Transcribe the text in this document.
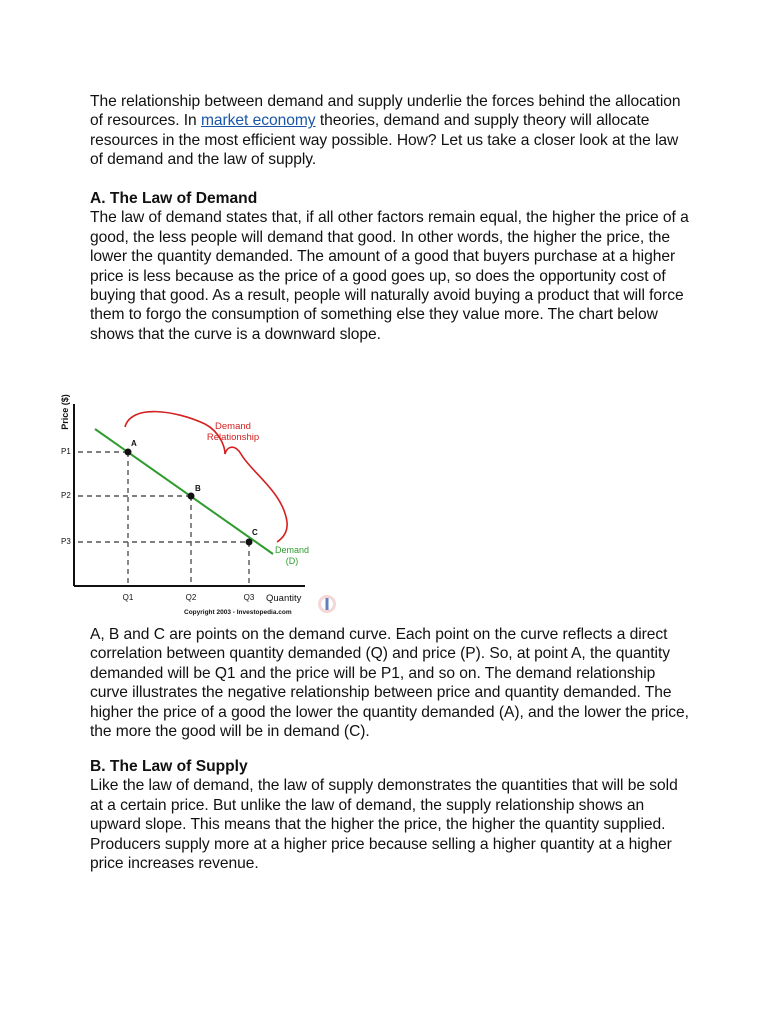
The relationship between demand and supply underlie the forces behind the allocation of resources. In market economy theories, demand and supply theory will allocate resources in the most efficient way possible. How? Let us take a closer look at the law of demand and the law of supply.

A. The Law of Demand

The law of demand states that, if all other factors remain equal, the higher the price of a good, the less people will demand that good. In other words, the higher the price, the lower the quantity demanded. The amount of a good that buyers purchase at a higher price is less because as the price of a good goes up, so does the opportunity cost of buying that good. As a result, people will naturally avoid buying a product that will force them to forgo the consumption of something else they value more. The chart below shows that the curve is a downward slope.

Price ($)
A
B
C
P1
P2
P3
Q1	Q2	Q3 Quantity
Demand
Relationship
Demand
(D)
Copyright 2003 - Investopedia.com

A, B and C are points on the demand curve. Each point on the curve reflects a direct correlation between quantity demanded (Q) and price (P). So, at point A, the quantity demanded will be Q1 and the price will be P1, and so on. The demand relationship curve illustrates the negative relationship between price and quantity demanded. The higher the price of a good the lower the quantity demanded (A), and the lower the price, the more the good will be in demand (C).

B. The Law of Supply

Like the law of demand, the law of supply demonstrates the quantities that will be sold at a certain price. But unlike the law of demand, the supply relationship shows an upward slope. This means that the higher the price, the higher the quantity supplied. Producers supply more at a higher price because selling a higher quantity at a higher price increases revenue.
